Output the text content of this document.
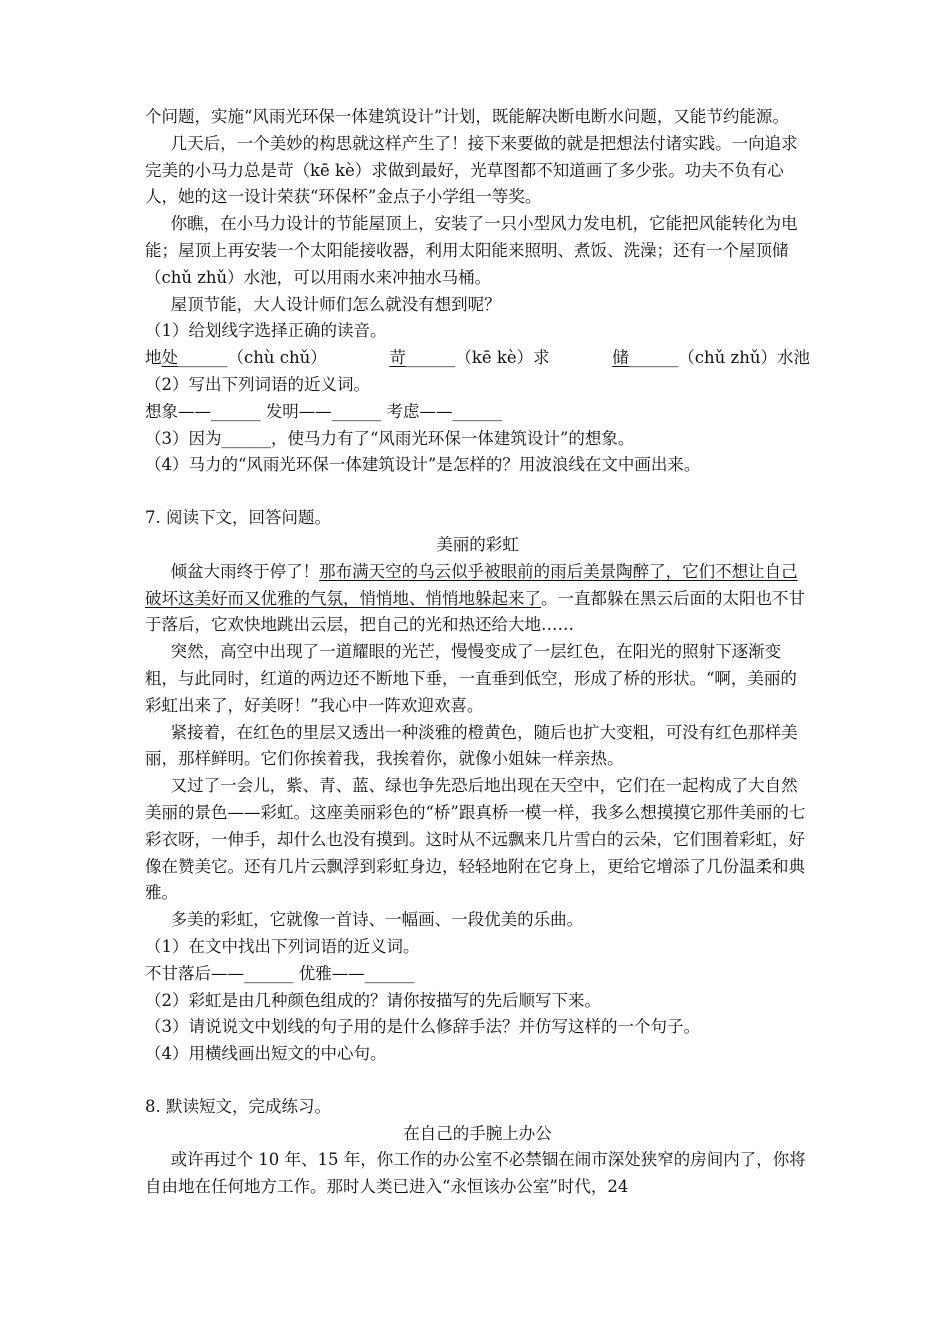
个问题，实施“风雨光环保一体建筑设计”计划，既能解决断电断水问题，又能节约能源。

几天后，一个美妙的构思就这样产生了！接下来要做的就是把想法付诸实践。一向追求完美的小马力总是苛（kē kè）求做到最好，光草图都不知道画了多少张。功夫不负有心人，她的这一设计荣获“环保杯”金点子小学组一等奖。

你瞧，在小马力设计的节能屋顶上，安装了一只小型风力发电机，它能把风能转化为电能；屋顶上再安装一个太阳能接收器，利用太阳能来照明、煮饭、洗澡；还有一个屋顶储（chǔ zhǔ）水池，可以用雨水来冲抽水马桶。

屋顶节能，大人设计师们怎么就没有想到呢？

（1）给划线字选择正确的读音。

地处______（chù chǔ）	苛______（kē kè）求	储______（chǔ zhǔ）水池

（2）写出下列词语的近义词。

想象——______ 发明——______ 考虑——______

（3）因为______，使马力有了“风雨光环保一体建筑设计”的想象。

（4）马力的“风雨光环保一体建筑设计”是怎样的？用波浪线在文中画出来。

7. 阅读下文，回答问题。

美丽的彩虹

倾盆大雨终于停了！那布满天空的乌云似乎被眼前的雨后美景陶醉了，它们不想让自己破坏这美好而又优雅的气氛，悄悄地、悄悄地躲起来了。一直都躲在黑云后面的太阳也不甘于落后，它欢快地跳出云层，把自己的光和热还给大地……

突然，高空中出现了一道耀眼的光芒，慢慢变成了一层红色，在阳光的照射下逐渐变粗，与此同时，红道的两边还不断地下垂，一直垂到低空，形成了桥的形状。“啊，美丽的彩虹出来了，好美呀！”我心中一阵欢迎欢喜。

紧接着，在红色的里层又透出一种淡雅的橙黄色，随后也扩大变粗，可没有红色那样美丽，那样鲜明。它们你挨着我，我挨着你，就像小姐妹一样亲热。

又过了一会儿，紫、青、蓝、绿也争先恐后地出现在天空中，它们在一起构成了大自然美丽的景色——彩虹。这座美丽彩色的“桥”跟真桥一模一样，我多么想摸摸它那件美丽的七彩衣呀，一伸手，却什么也没有摸到。这时从不远飘来几片雪白的云朵，它们围着彩虹，好像在赞美它。还有几片云飘浮到彩虹身边，轻轻地附在它身上，更给它增添了几份温柔和典雅。

多美的彩虹，它就像一首诗、一幅画、一段优美的乐曲。

（1）在文中找出下列词语的近义词。

不甘落后——______ 优雅——______

（2）彩虹是由几种颜色组成的？请你按描写的先后顺写下来。

（3）请说说文中划线的句子用的是什么修辞手法？并仿写这样的一个句子。

（4）用横线画出短文的中心句。

8. 默读短文，完成练习。

在自己的手腕上办公

或许再过个 10 年、15 年，你工作的办公室不必禁锢在闹市深处狭窄的房间内了，你将自由地在任何地方工作。那时人类已进入“永恒该办公室”时代，24
